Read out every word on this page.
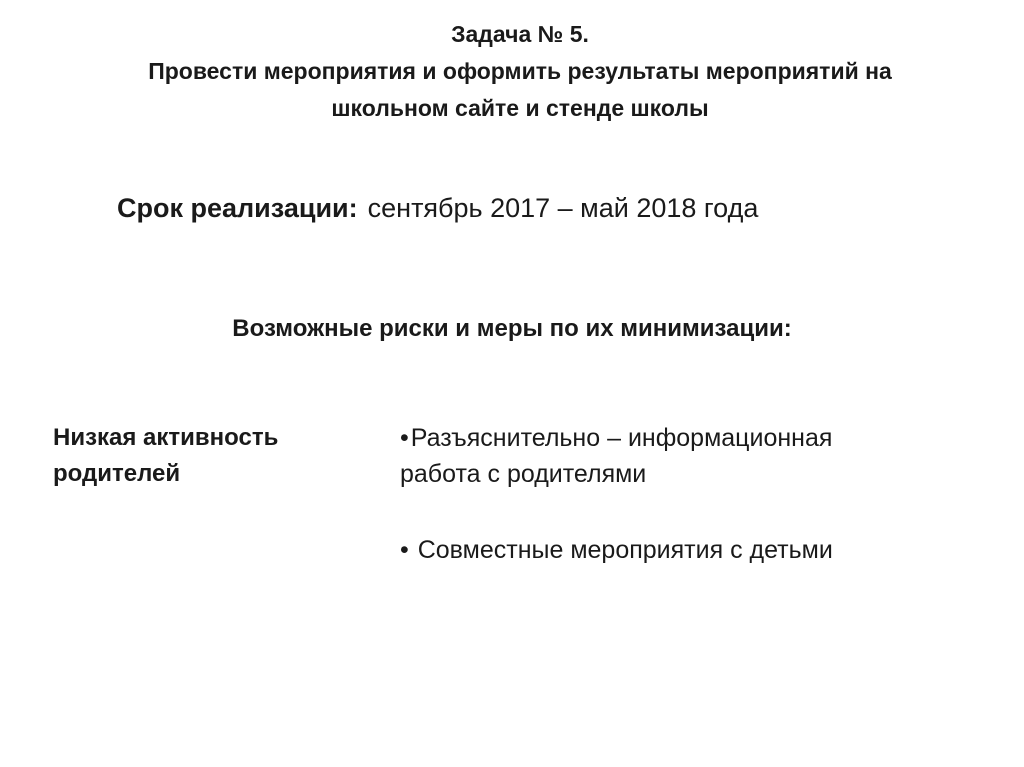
Задача № 5.
Провести мероприятия и оформить результаты мероприятий на
школьном сайте и стенде школы
Срок реализации: сентябрь 2017 – май 2018 года
Возможные риски и меры по их минимизации:
Низкая активность
родителей
•Разъяснительно – информационная
работа с родителями
• Совместные мероприятия с детьми
